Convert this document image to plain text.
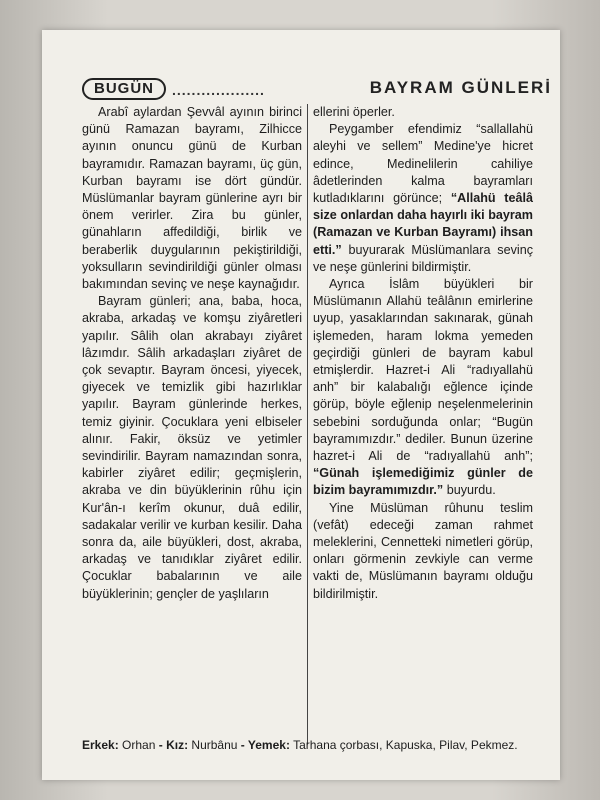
BUGÜN	...................	BAYRAM GÜNLERİ

Arabî aylardan Şevvâl ayının birinci günü Ramazan bayramı, Zilhicce ayının onuncu günü de Kurban bayramıdır. Ramazan bayramı, üç gün, Kurban bayramı ise dört gündür. Müslümanlar bayram günlerine ayrı bir önem verirler. Zira bu günler, günahların affedildiği, birlik ve beraberlik duygularının pekiştirildiği, yoksulların sevindirildiği günler olması bakımından sevinç ve neşe kaynağıdır.

Bayram günleri; ana, baba, hoca, akraba, arkadaş ve komşu ziyâretleri yapılır. Sâlih olan akrabayı ziyâret lâzımdır. Sâlih arkadaşları ziyâret de çok sevaptır. Bayram öncesi, yiyecek, giyecek ve temizlik gibi hazırlıklar yapılır. Bayram günlerinde herkes, temiz giyinir. Çocuklara yeni elbiseler alınır. Fakir, öksüz ve yetimler sevindirilir. Bayram namazından sonra, kabirler ziyâret edilir; geçmişlerin, akraba ve din büyüklerinin rûhu için Kur'ân-ı kerîm okunur, duâ edilir, sadakalar verilir ve kurban kesilir. Daha sonra da, aile büyükleri, dost, akraba, arkadaş ve tanıdıklar ziyâret edilir. Çocuklar babalarının ve aile büyüklerinin; gençler de yaşlıların

ellerini öperler.

Peygamber efendimiz “sallallahü aleyhi ve sellem” Medine'ye hicret edince, Medinelilerin cahiliye âdetlerinden kalma bayramları kutladıklarını görünce; “Allahü teâlâ size onlardan daha hayırlı iki bayram (Ramazan ve Kurban Bayramı) ihsan etti.” buyurarak Müslümanlara sevinç ve neşe günlerini bildirmiştir.

Ayrıca İslâm büyükleri bir Müslümanın Allahü teâlânın emirlerine uyup, yasaklarından sakınarak, günah işlemeden, haram lokma yemeden geçirdiği günleri de bayram kabul etmişlerdir. Hazret-i Ali “radıyallahü anh” bir kalabalığı eğlence içinde görüp, böyle eğlenip neşelenmelerinin sebebini sorduğunda onlar; “Bugün bayramımızdır.” dediler. Bunun üzerine hazret-i Ali de “radıyallahü anh”; “Günah işlemediğimiz günler de bizim bayramımızdır.” buyurdu.

Yine Müslüman rûhunu teslim (vefât) edeceği zaman rahmet meleklerini, Cennetteki nimetleri görüp, onları görmenin zevkiyle can verme vakti de, Müslümanın bayramı olduğu bildirilmiştir.

Erkek: Orhan - Kız: Nurbânu - Yemek: Tarhana çorbası, Kapuska, Pilav, Pekmez.
